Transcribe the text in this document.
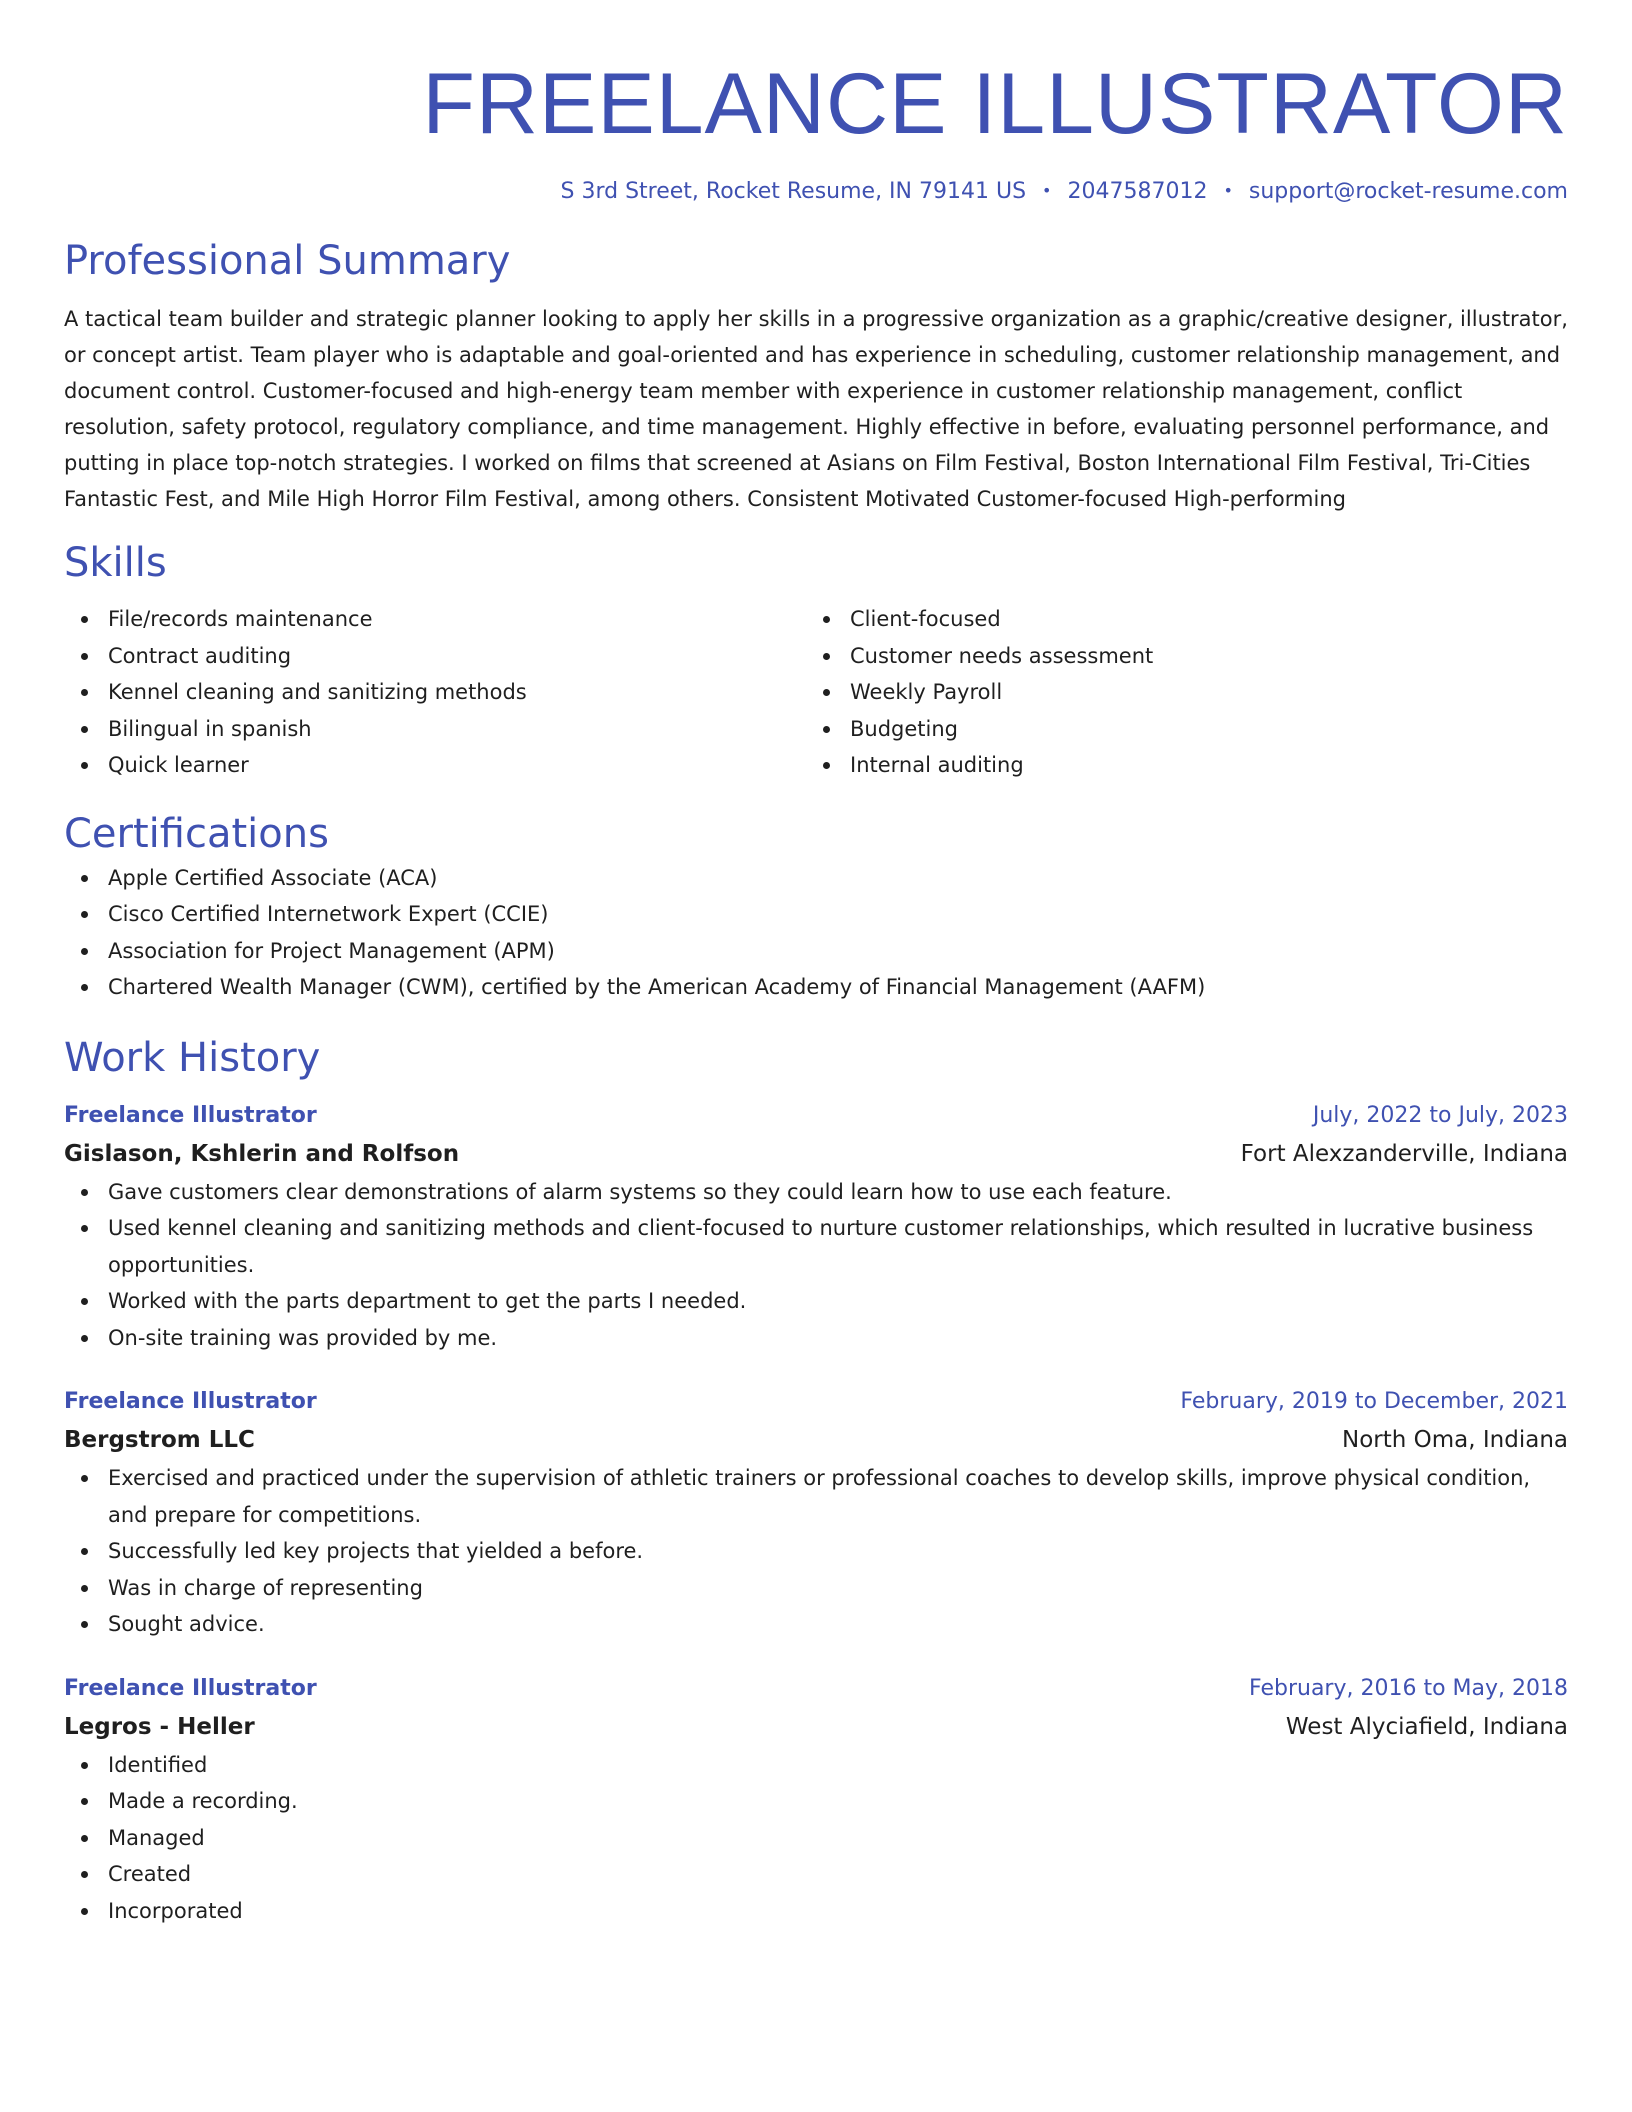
FREELANCE ILLUSTRATOR
S 3rd Street, Rocket Resume, IN 79141 US • 2047587012 • support@rocket-resume.com
Professional Summary
A tactical team builder and strategic planner looking to apply her skills in a progressive organization as a graphic/creative designer, illustrator, or concept artist. Team player who is adaptable and goal-oriented and has experience in scheduling, customer relationship management, and document control. Customer-focused and high-energy team member with experience in customer relationship management, conflict resolution, safety protocol, regulatory compliance, and time management. Highly effective in before, evaluating personnel performance, and putting in place top-notch strategies. I worked on films that screened at Asians on Film Festival, Boston International Film Festival, Tri-Cities Fantastic Fest, and Mile High Horror Film Festival, among others. Consistent Motivated Customer-focused High-performing
Skills
File/records maintenance
Contract auditing
Kennel cleaning and sanitizing methods
Bilingual in spanish
Quick learner
Client-focused
Customer needs assessment
Weekly Payroll
Budgeting
Internal auditing
Certifications
Apple Certified Associate (ACA)
Cisco Certified Internetwork Expert (CCIE)
Association for Project Management (APM)
Chartered Wealth Manager (CWM), certified by the American Academy of Financial Management (AAFM)
Work History
Freelance Illustrator	July, 2022 to July, 2023
Gislason, Kshlerin and Rolfson	Fort Alexzanderville, Indiana
Gave customers clear demonstrations of alarm systems so they could learn how to use each feature.
Used kennel cleaning and sanitizing methods and client-focused to nurture customer relationships, which resulted in lucrative business opportunities.
Worked with the parts department to get the parts I needed.
On-site training was provided by me.
Freelance Illustrator	February, 2019 to December, 2021
Bergstrom LLC	North Oma, Indiana
Exercised and practiced under the supervision of athletic trainers or professional coaches to develop skills, improve physical condition, and prepare for competitions.
Successfully led key projects that yielded a before.
Was in charge of representing
Sought advice.
Freelance Illustrator	February, 2016 to May, 2018
Legros - Heller	West Alyciafield, Indiana
Identified
Made a recording.
Managed
Created
Incorporated
